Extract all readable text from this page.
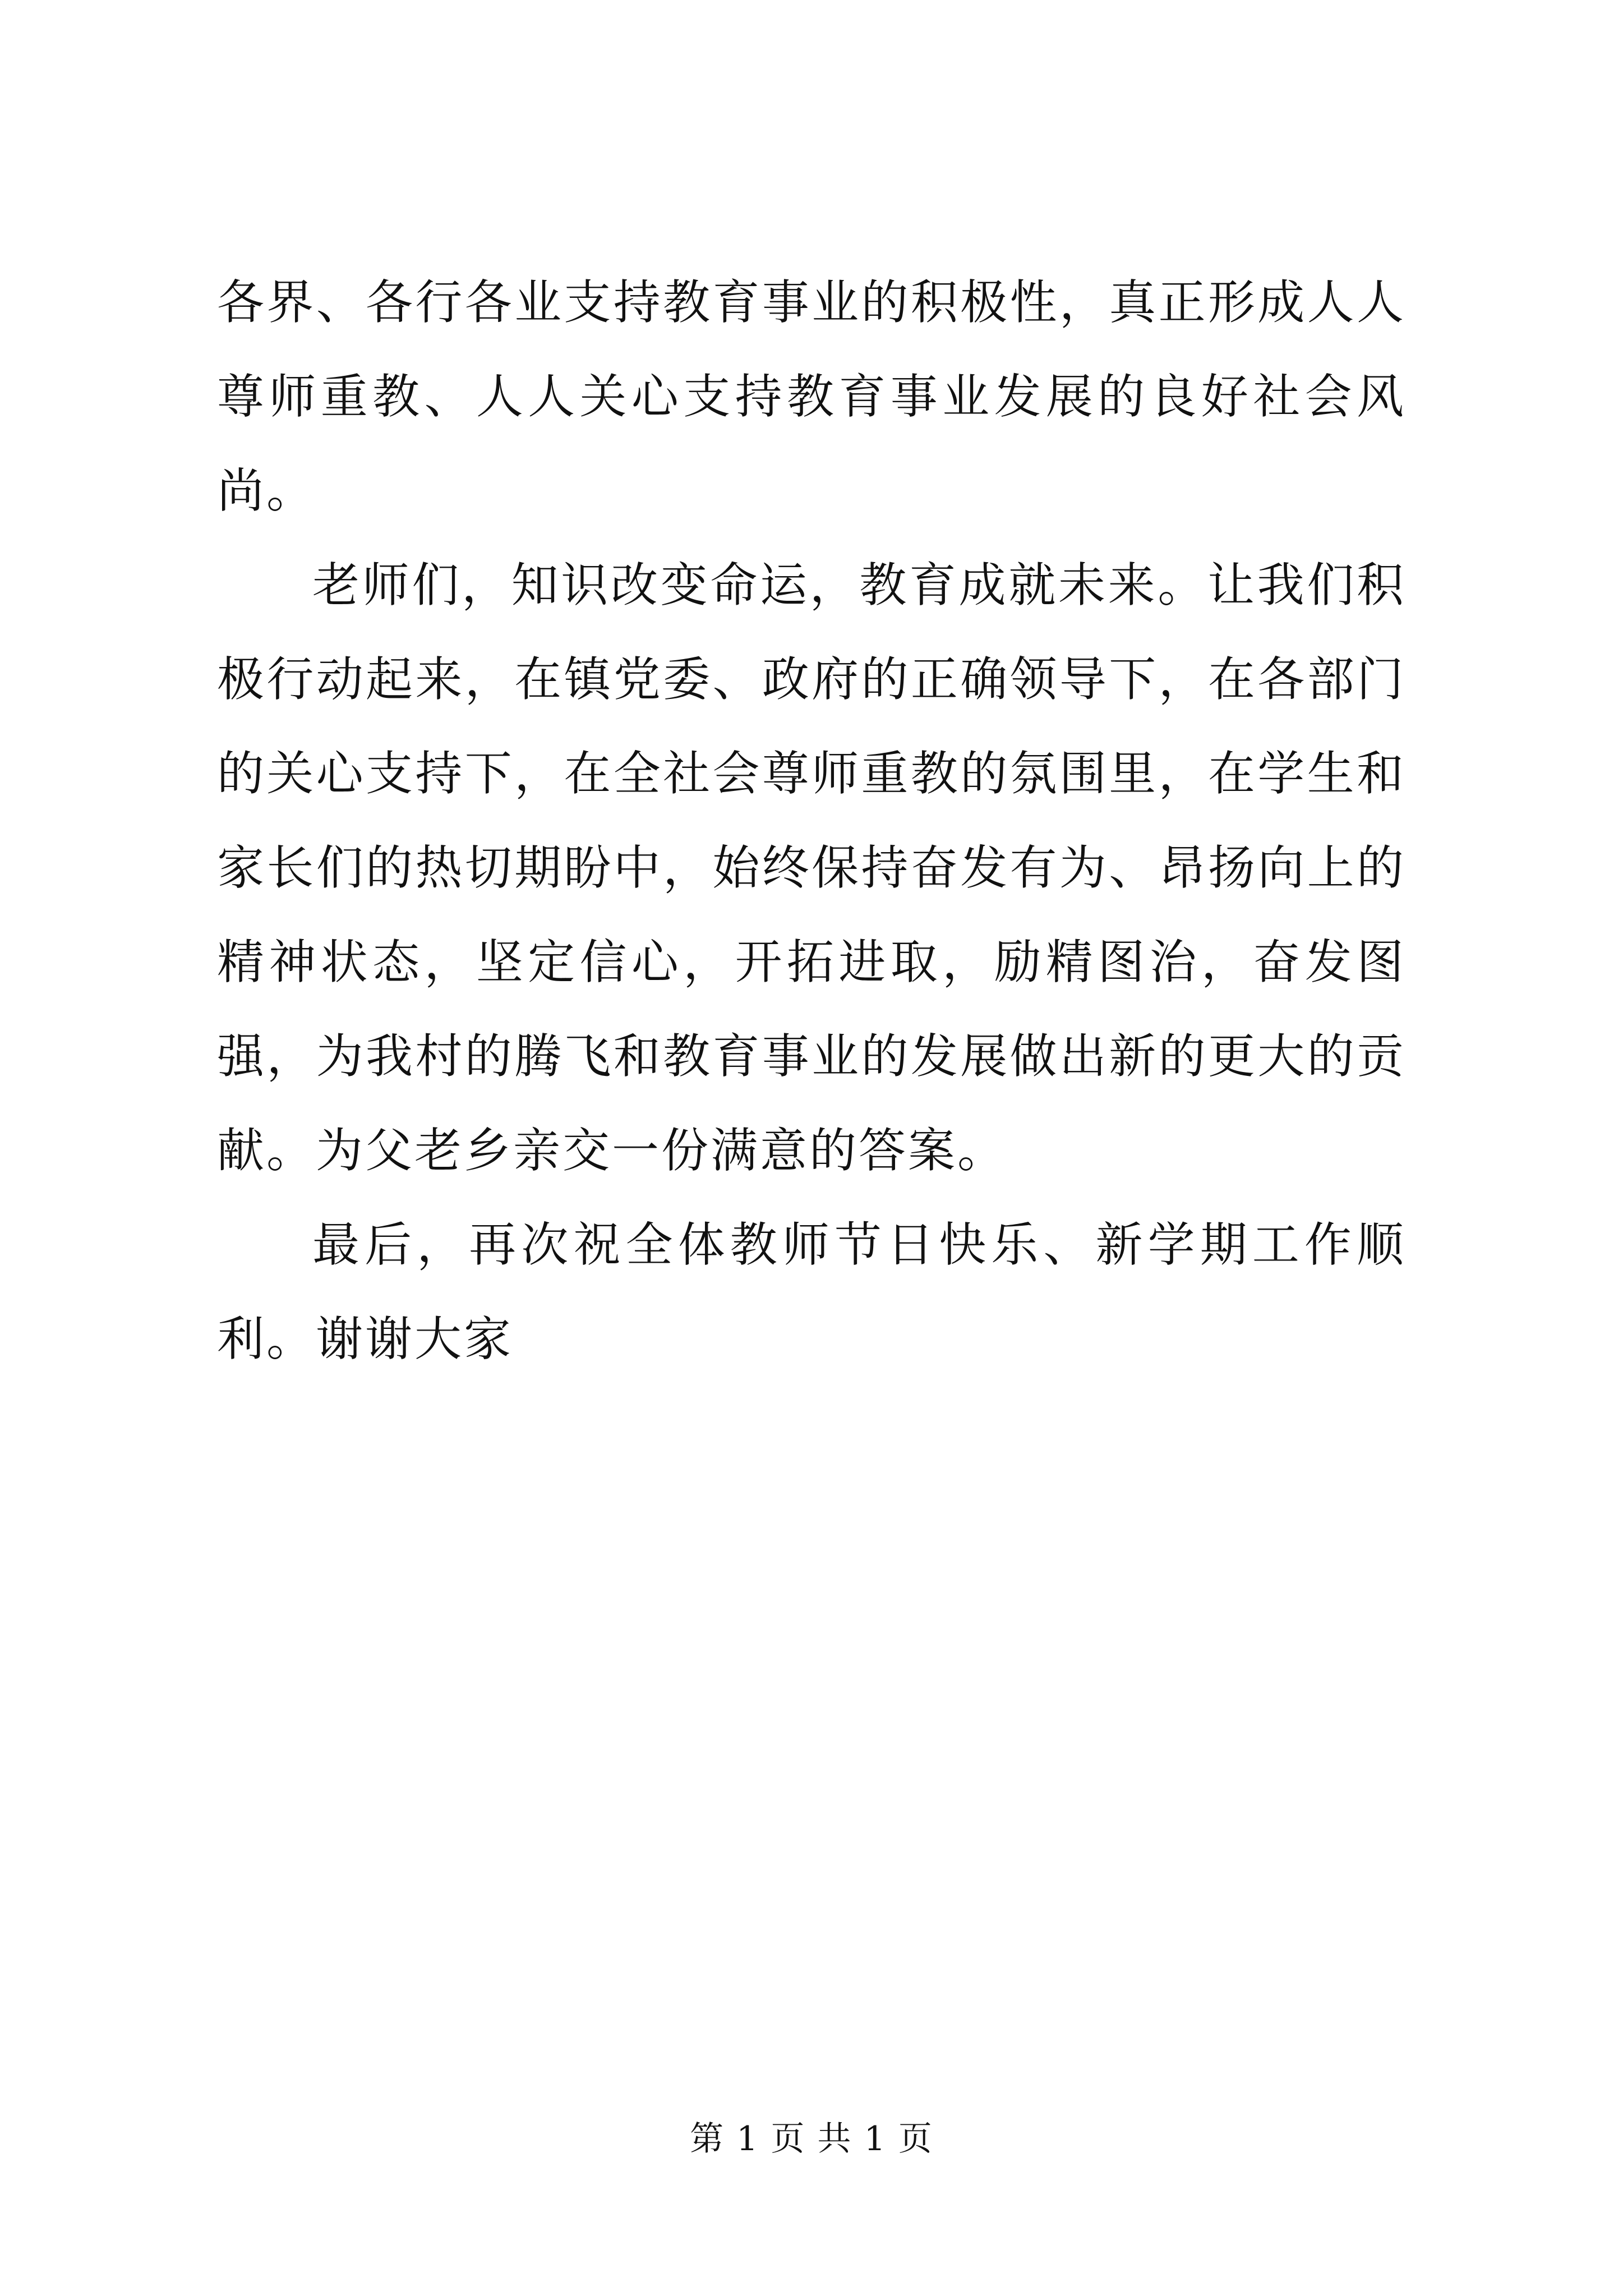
各界、各行各业支持教育事业的积极性，真正形成人人尊师重教、人人关心支持教育事业发展的良好社会风尚。

老师们，知识改变命运，教育成就未来。让我们积极行动起来，在镇党委、政府的正确领导下，在各部门的关心支持下，在全社会尊师重教的氛围里，在学生和家长们的热切期盼中，始终保持奋发有为、昂扬向上的精神状态，坚定信心，开拓进取，励精图治，奋发图强，为我村的腾飞和教育事业的发展做出新的更大的贡献。为父老乡亲交一份满意的答案。

最后，再次祝全体教师节日快乐、新学期工作顺利。谢谢大家

第 1 页 共 1 页
